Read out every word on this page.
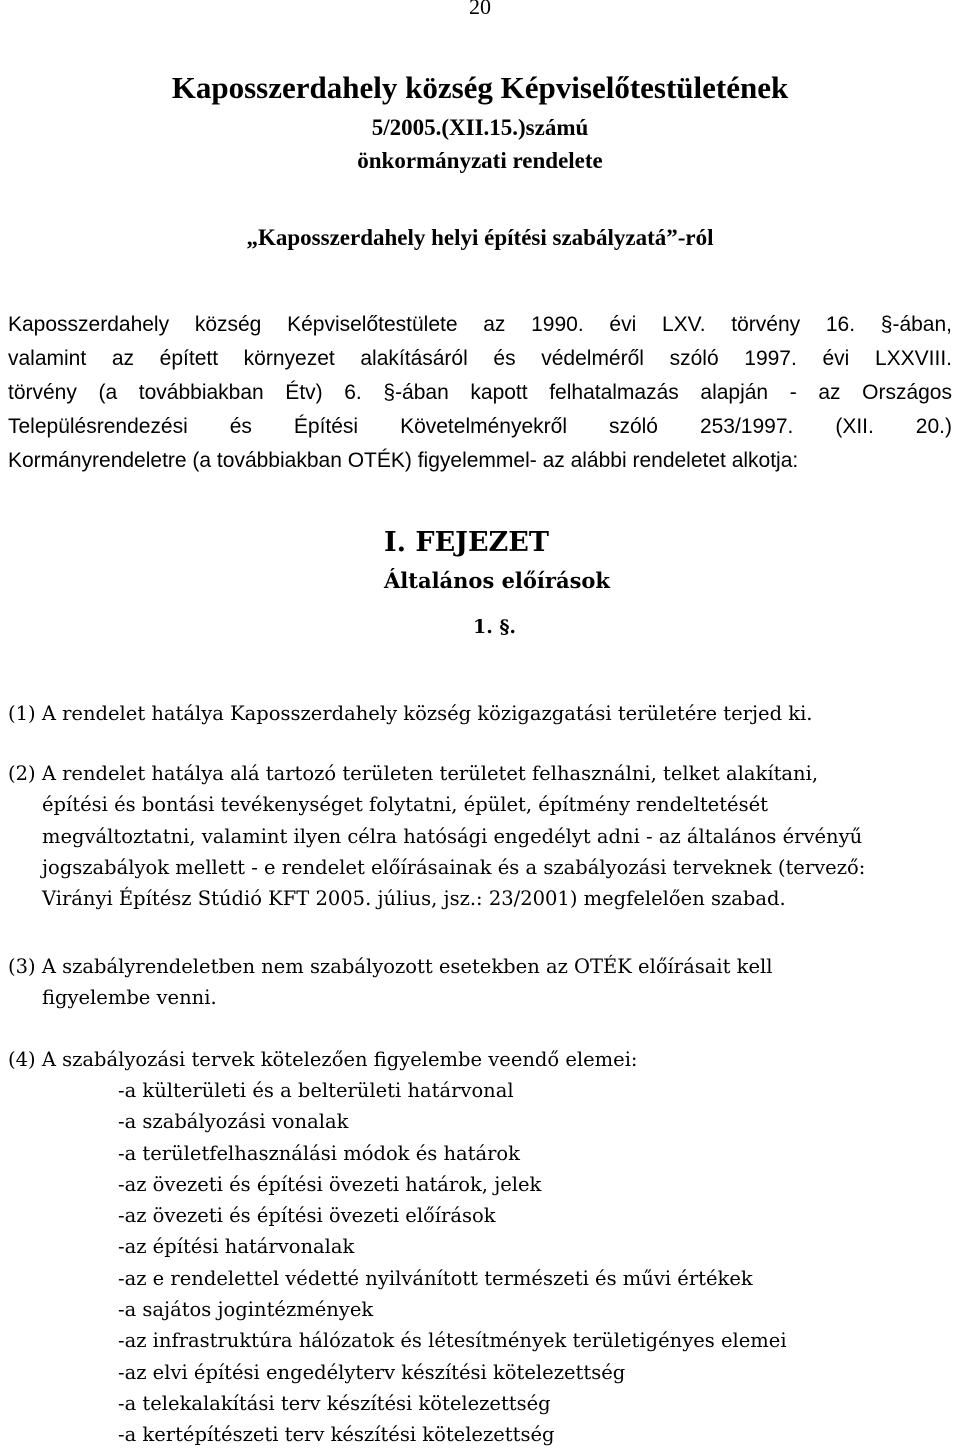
20
Kaposszerdahely község Képviselőtestületének
5/2005.(XII.15.)számú
önkormányzati rendelete
„Kaposszerdahely helyi építési szabályzatá”-ról
Kaposszerdahely község Képviselőtestülete az 1990. évi LXV. törvény 16. §-ában,
valamint az épített környezet alakításáról és védelméről szóló 1997. évi LXXVIII.
törvény (a továbbiakban Étv) 6. §-ában kapott felhatalmazás alapján - az Országos
Településrendezési és Építési Követelményekről szóló 253/1997. (XII. 20.)
Kormányrendeletre (a továbbiakban OTÉK) figyelemmel- az alábbi rendeletet alkotja:
I. FEJEZET
Általános előírások
1. §.
(1) A rendelet hatálya Kaposszerdahely község közigazgatási területére terjed ki.
(2) A rendelet hatálya alá tartozó területen területet felhasználni, telket alakítani,
építési és bontási tevékenységet folytatni, épület, építmény rendeltetését
megváltoztatni, valamint ilyen célra hatósági engedélyt adni - az általános érvényű
jogszabályok mellett - e rendelet előírásainak és a szabályozási terveknek (tervező:
Virányi Építész Stúdió KFT 2005. július, jsz.: 23/2001) megfelelően szabad.
(3) A szabályrendeletben nem szabályozott esetekben az OTÉK előírásait kell
figyelembe venni.
(4) A szabályozási tervek kötelezően figyelembe veendő elemei:
-a külterületi és a belterületi határvonal
-a szabályozási vonalak
-a területfelhasználási módok és határok
-az övezeti és építési övezeti határok, jelek
-az övezeti és építési övezeti előírások
-az építési határvonalak
-az e rendelettel védetté nyilvánított természeti és művi értékek
-a sajátos jogintézmények
-az infrastruktúra hálózatok és létesítmények területigényes elemei
-az elvi építési engedélyterv készítési kötelezettség
-a telekalakítási terv készítési kötelezettség
-a kertépítészeti terv készítési kötelezettség
